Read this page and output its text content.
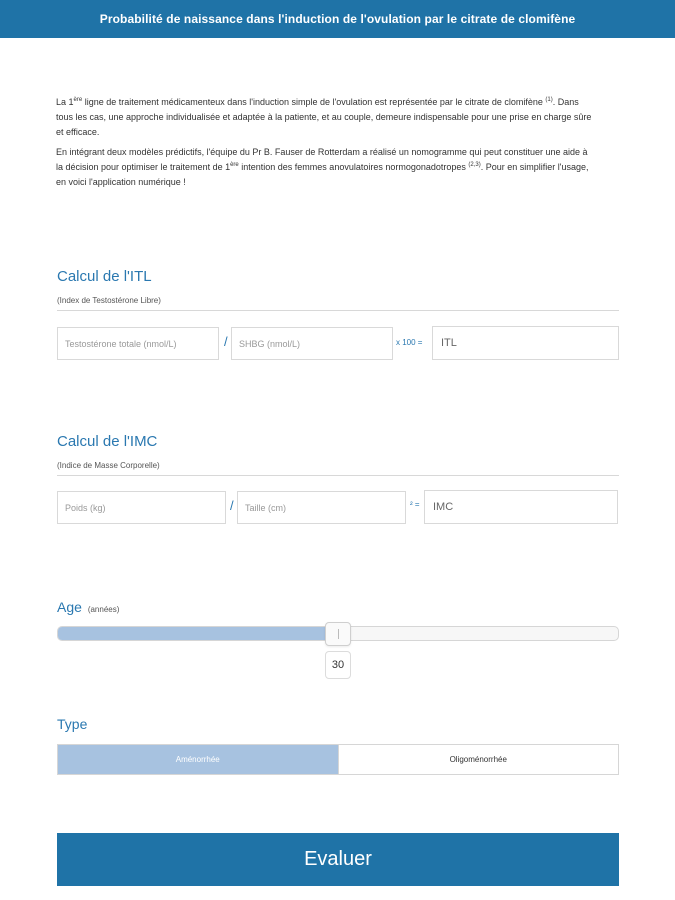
Probabilité de naissance dans l'induction de l'ovulation par le citrate de clomifène

La 1ère ligne de traitement médicamenteux dans l'induction simple de l'ovulation est représentée par le citrate de clomifène $^{(1)}$. Dans tous les cas, une approche individualisée et adaptée à la patiente, et au couple, demeure indispensable pour une prise en charge sûre et efficace.

En intégrant deux modèles prédictifs, l'équipe du Pr B. Fauser de Rotterdam a réalisé un nomogramme qui peut constituer une aide à la décision pour optimiser le traitement de 1ère intention des femmes anovulatoires normogonadotropes $^{(2,3)}$. Pour en simplifier l'usage, en voici l'application numérique !

Calcul de l'ITL
(Index de Testostérone Libre)
Testostérone totale (nmol/L)
/
SHBG (nmol/L)	x 100 =
ITL
Calcul de l'IMC
(Indice de Masse Corporelle)
Poids (kg)
/
Taille (cm)	² =
IMC
Age (années)
30
Type
Aménorrhée	Oligoménorrhée
Evaluer
